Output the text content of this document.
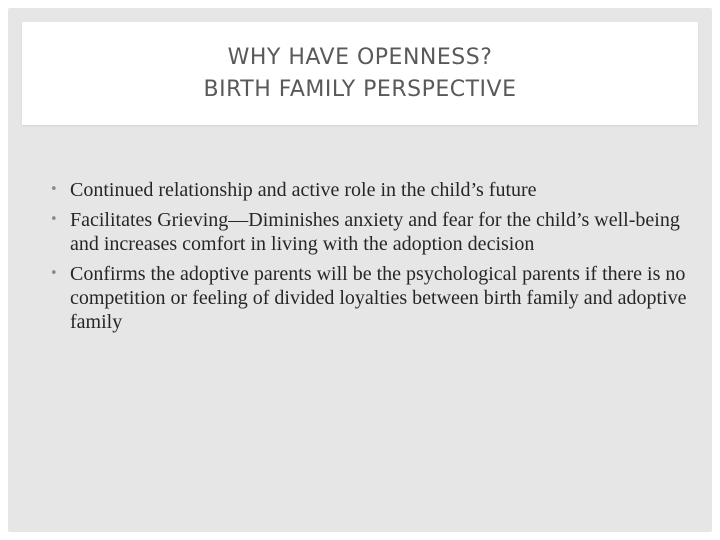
WHY HAVE OPENNESS?
BIRTH FAMILY PERSPECTIVE
• Continued relationship and active role in the child’s future
• Facilitates Grieving—Diminishes anxiety and fear for the child’s well-being and increases comfort in living with the adoption decision
• Confirms the adoptive parents will be the psychological parents if there is no competition or feeling of divided loyalties between birth family and adoptive family
